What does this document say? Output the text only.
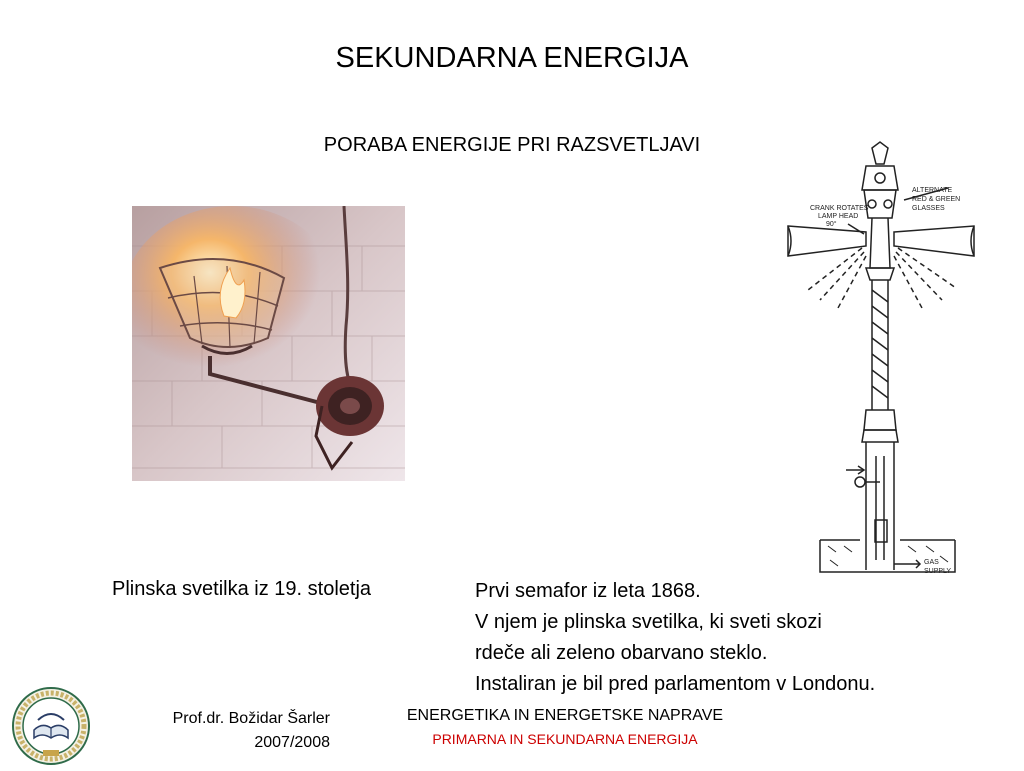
SEKUNDARNA ENERGIJA
PORABA ENERGIJE PRI RAZSVETLJAVI
ALTERNATE
RED & GREEN
GLASSES
CRANK ROTATES
LAMP HEAD
90°
GAS
SUPPLY
Plinska svetilka iz 19. stoletja	Prvi semafor iz leta 1868.
V njem je plinska svetilka, ki sveti skozi
rdeče ali zeleno obarvano steklo.
Instaliran je bil pred parlamentom v Londonu.
Prof.dr. Božidar Šarler
2007/2008
ENERGETIKA IN ENERGETSKE NAPRAVE
PRIMARNA IN SEKUNDARNA ENERGIJA
